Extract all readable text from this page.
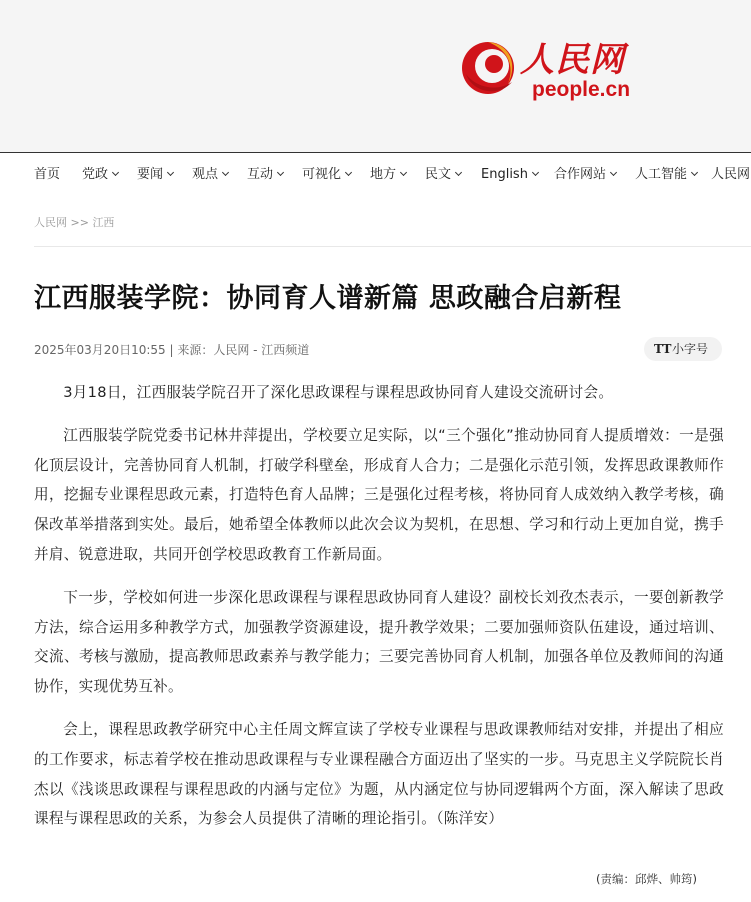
人民网
people.cn
首页 党政	要闻	观点	互动	可视化	地方	民文	English	合作网站	人工智能	人民网
人民网 >> 江西
江西服装学院：协同育人谱新篇 思政融合启新程
2025年03月20日10:55 | 来源：人民网 - 江西频道	TT 小字号

3月18日，江西服装学院召开了深化思政课程与课程思政协同育人建设交流研讨会。

江西服装学院党委书记林井萍提出，学校要立足实际，以“三个强化”推动协同育人提质增效：一是强化顶层设计，完善协同育人机制，打破学科壁垒，形成育人合力；二是强化示范引领，发挥思政课教师作用，挖掘专业课程思政元素，打造特色育人品牌；三是强化过程考核，将协同育人成效纳入教学考核，确保改革举措落到实处。最后，她希望全体教师以此次会议为契机，在思想、学习和行动上更加自觉，携手并肩、锐意进取，共同开创学校思政教育工作新局面。

下一步，学校如何进一步深化思政课程与课程思政协同育人建设？副校长刘孜杰表示，一要创新教学方法，综合运用多种教学方式，加强教学资源建设，提升教学效果；二要加强师资队伍建设，通过培训、交流、考核与激励，提高教师思政素养与教学能力；三要完善协同育人机制，加强各单位及教师间的沟通协作，实现优势互补。

会上，课程思政教学研究中心主任周文辉宣读了学校专业课程与思政课教师结对安排，并提出了相应的工作要求，标志着学校在推动思政课程与专业课程融合方面迈出了坚实的一步。马克思主义学院院长肖杰以《浅谈思政课程与课程思政的内涵与定位》为题，从内涵定位与协同逻辑两个方面，深入解读了思政课程与课程思政的关系，为参会人员提供了清晰的理论指引。（陈洋安）

(责编：邱烨、帅筠)
